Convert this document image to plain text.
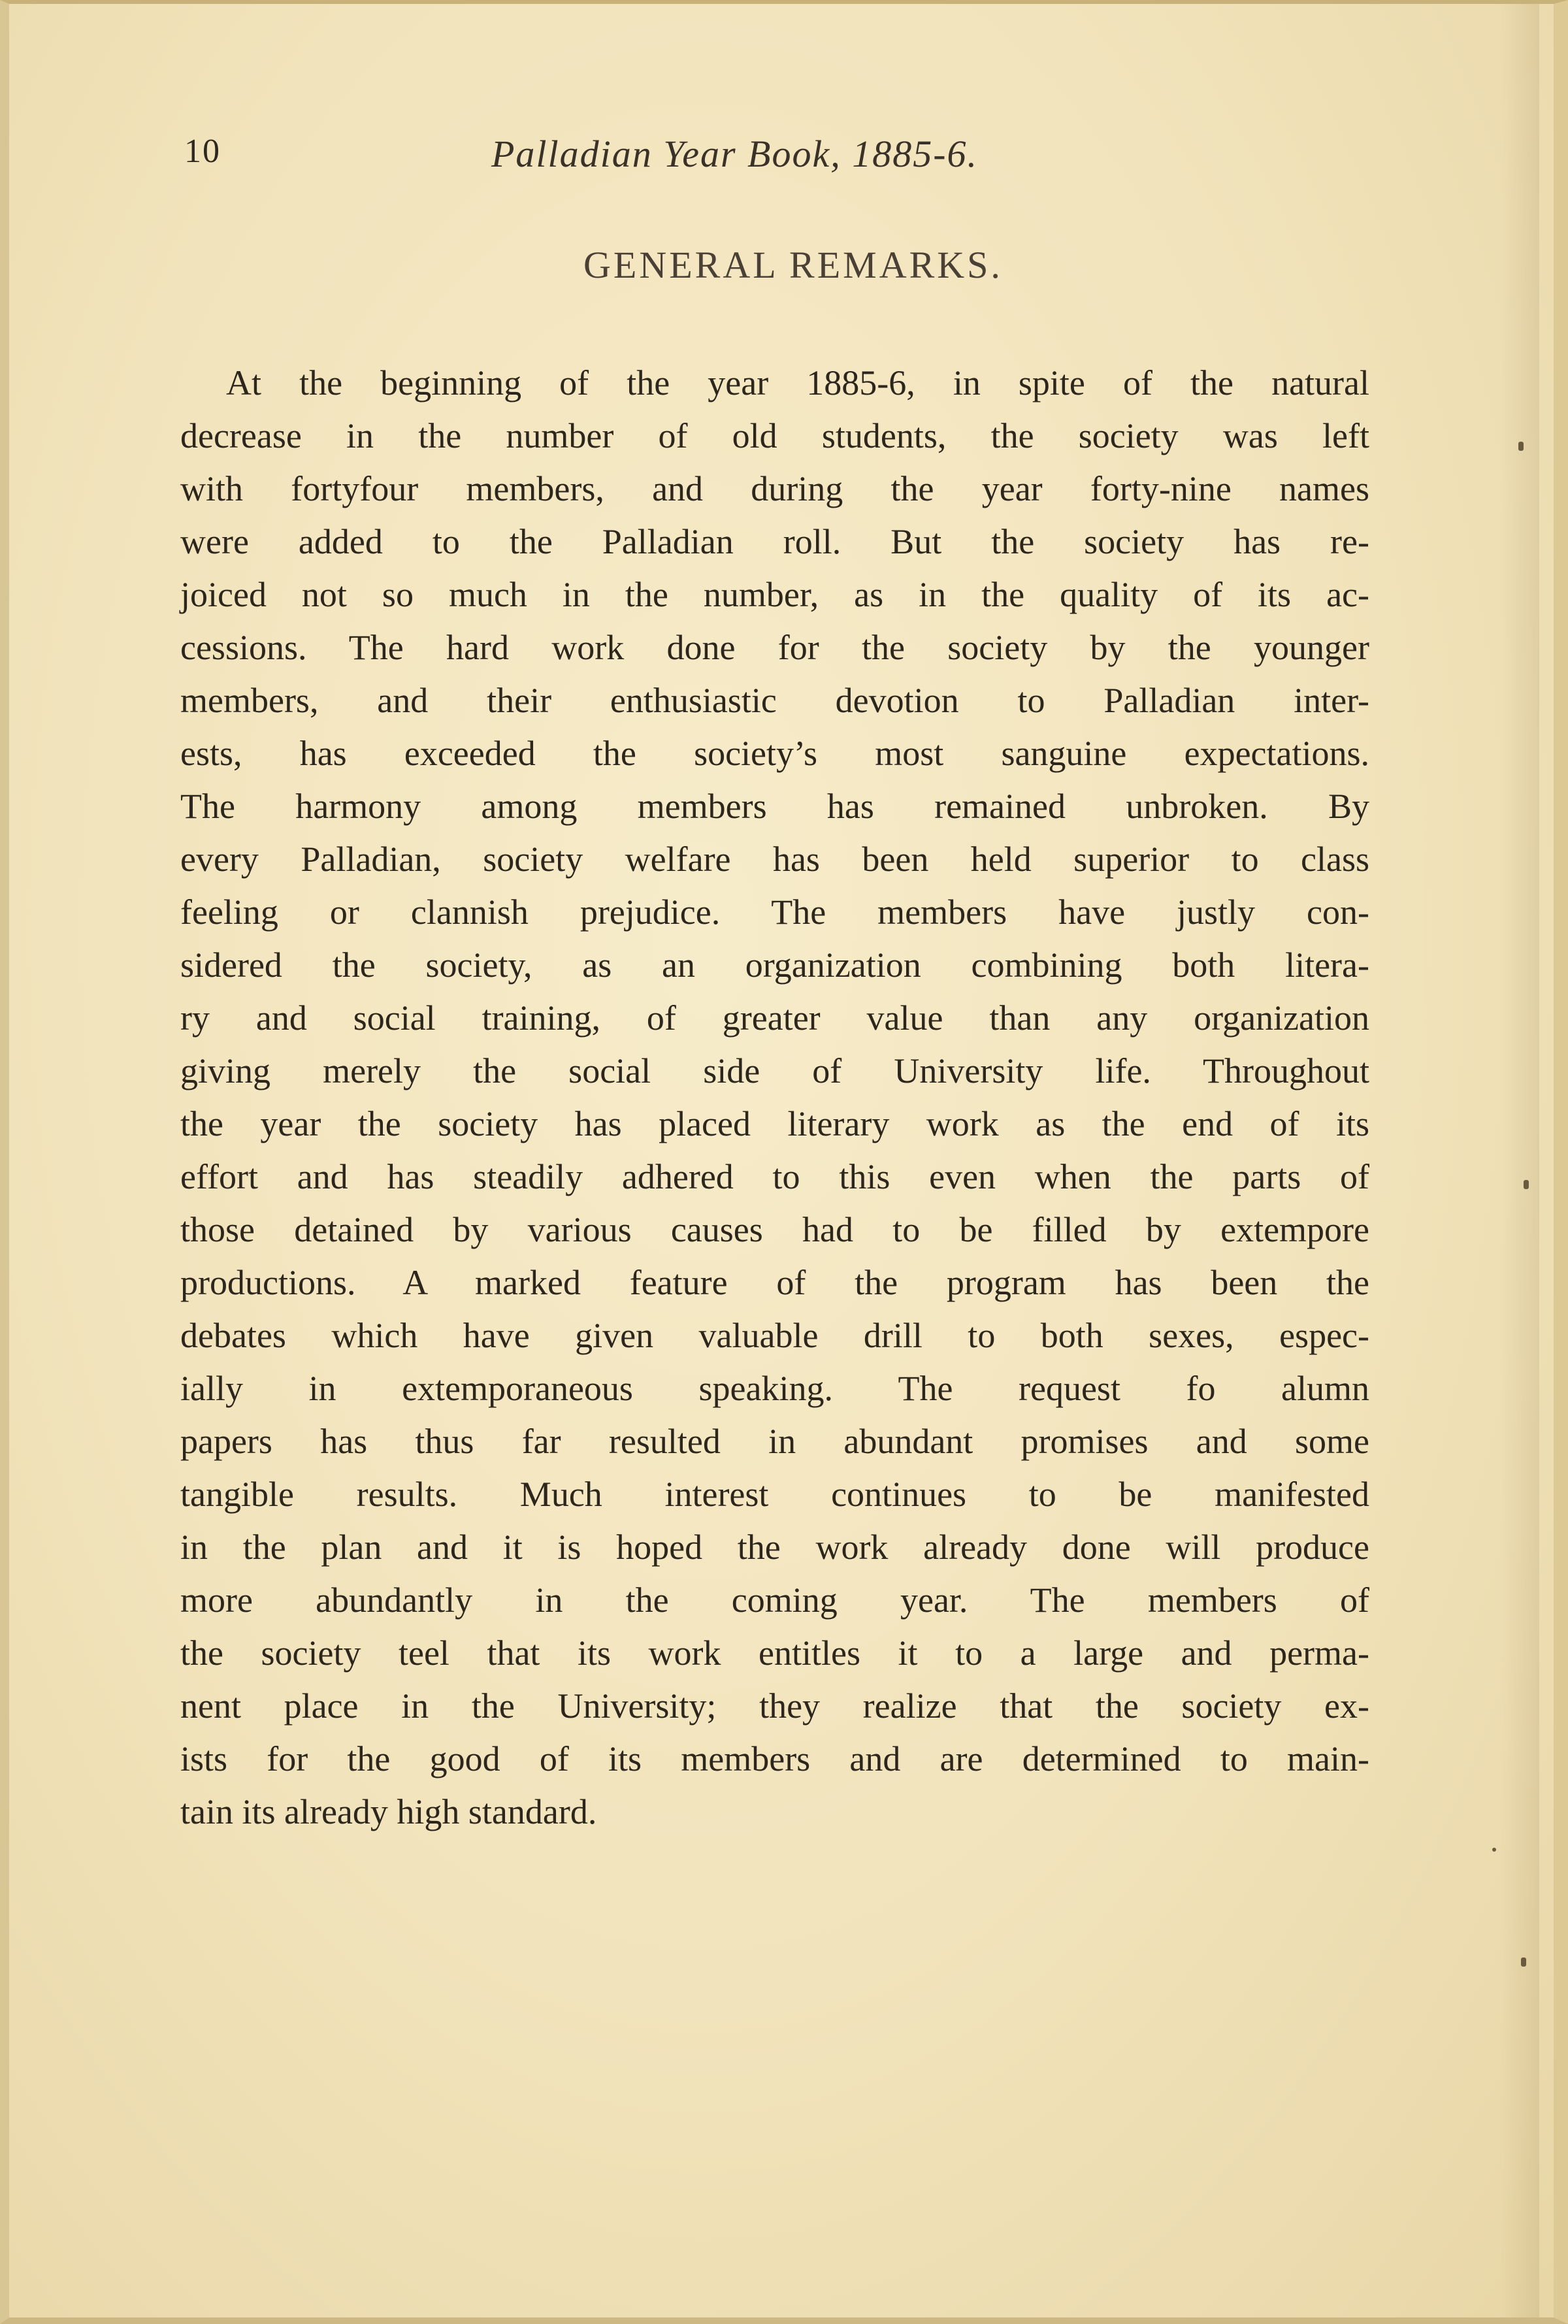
10	Palladian Year Book, 1885-6.
GENERAL REMARKS.
At the beginning of the year 1885-6, in spite of the natural
decrease in the number of old students, the society was left
with fortyfour members, and during the year forty-nine names
were added to the Palladian roll. But the society has re-
joiced not so much in the number, as in the quality of its ac-
cessions. The hard work done for the society by the younger
members, and their enthusiastic devotion to Palladian inter-
ests, has exceeded the society’s most sanguine expectations.
The harmony among members has remained unbroken. By
every Palladian, society welfare has been held superior to class
feeling or clannish prejudice. The members have justly con-
sidered the society, as an organization combining both litera-
ry and social training, of greater value than any organization
giving merely the social side of University life. Throughout
the year the society has placed literary work as the end of its
effort and has steadily adhered to this even when the parts of
those detained by various causes had to be filled by extempore
productions. A marked feature of the program has been the
debates which have given valuable drill to both sexes, espec-
ially in extemporaneous speaking. The request fo alumn
papers has thus far resulted in abundant promises and some
tangible results. Much interest continues to be manifested
in the plan and it is hoped the work already done will produce
more abundantly in the coming year. The members of
the society teel that its work entitles it to a large and perma-
nent place in the University; they realize that the society ex-
ists for the good of its members and are determined to main-
tain its already high standard.
